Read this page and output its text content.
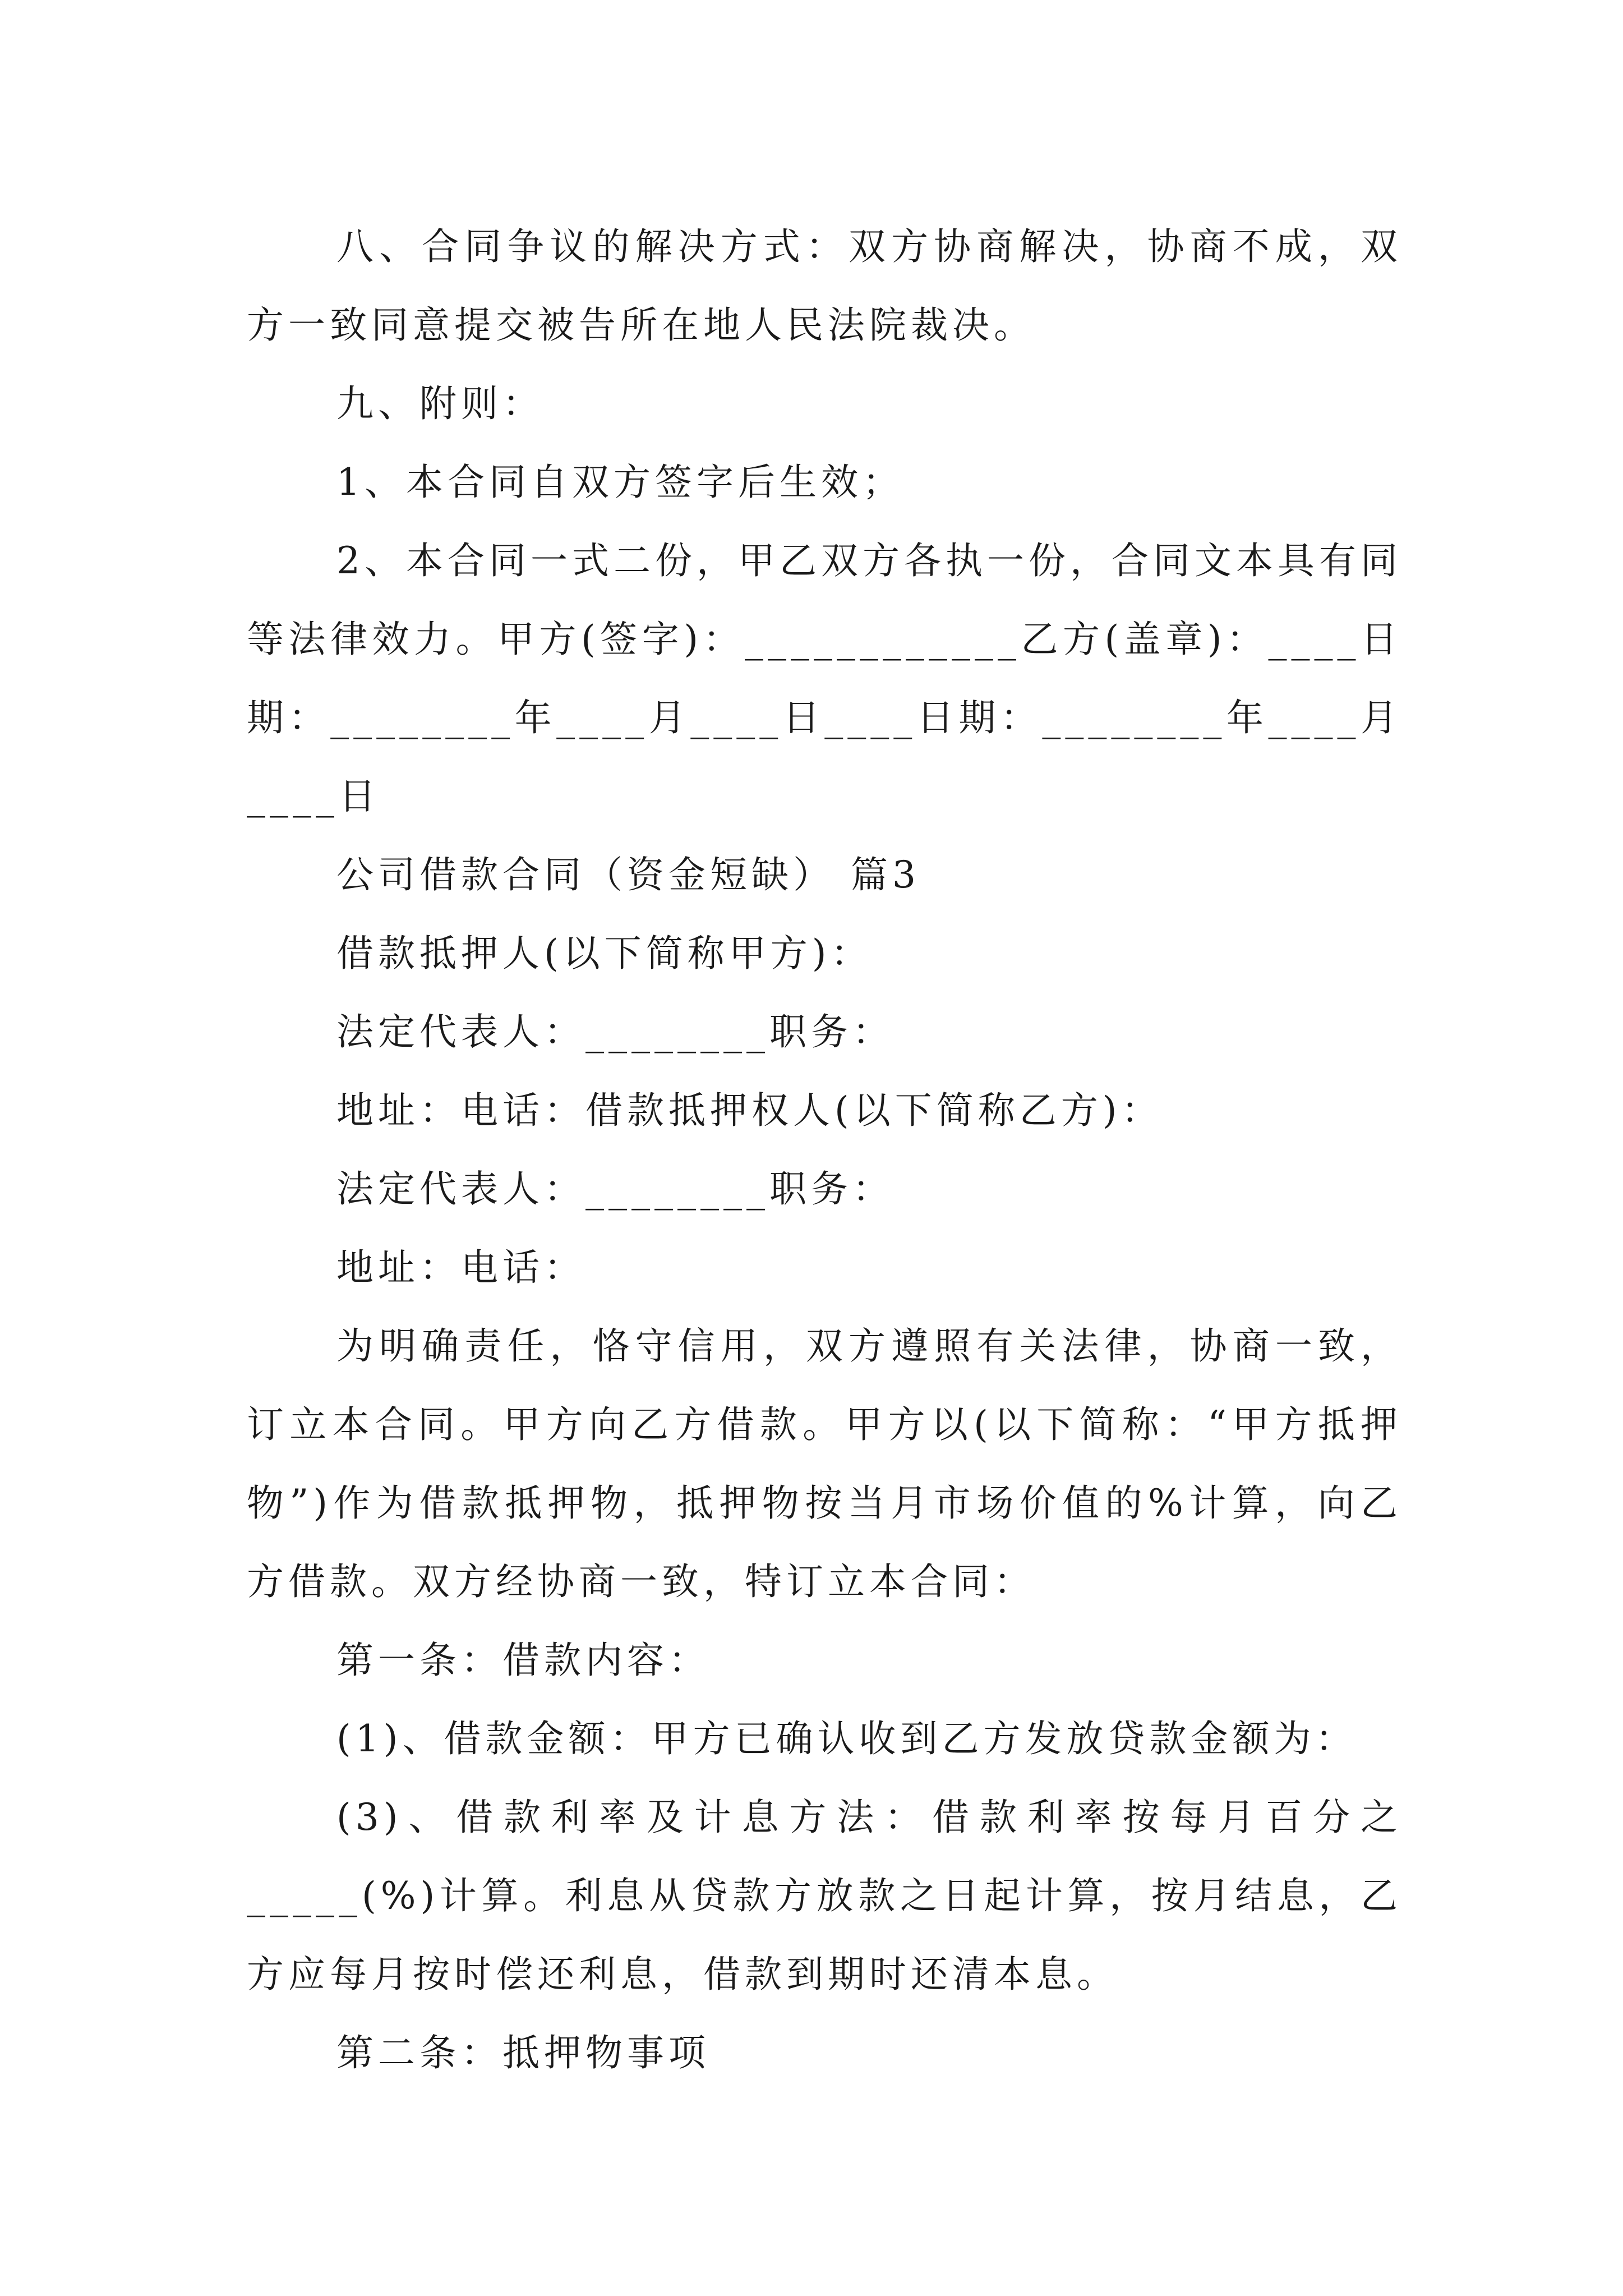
八、合同争议的解决方式：双方协商解决，协商不成，双方一致同意提交被告所在地人民法院裁决。

九、附则：

1、本合同自双方签字后生效；

2、本合同一式二份，甲乙双方各执一份，合同文本具有同等法律效力。甲方(签字)：____________乙方(盖章)：____日期：________年____月____日____日期：________年____月____日

公司借款合同（资金短缺） 篇3

借款抵押人(以下简称甲方)：

法定代表人：________职务：

地址：电话：借款抵押权人(以下简称乙方)：

法定代表人：________职务：

地址：电话：

为明确责任，恪守信用，双方遵照有关法律，协商一致，订立本合同。甲方向乙方借款。甲方以(以下简称：“甲方抵押物”)作为借款抵押物，抵押物按当月市场价值的%计算，向乙方借款。双方经协商一致，特订立本合同：

第一条：借款内容：

(1)、借款金额：甲方已确认收到乙方发放贷款金额为：

(3)、借款利率及计息方法：借款利率按每月百分之_____(%)计算。利息从贷款方放款之日起计算，按月结息，乙方应每月按时偿还利息，借款到期时还清本息。

第二条：抵押物事项
